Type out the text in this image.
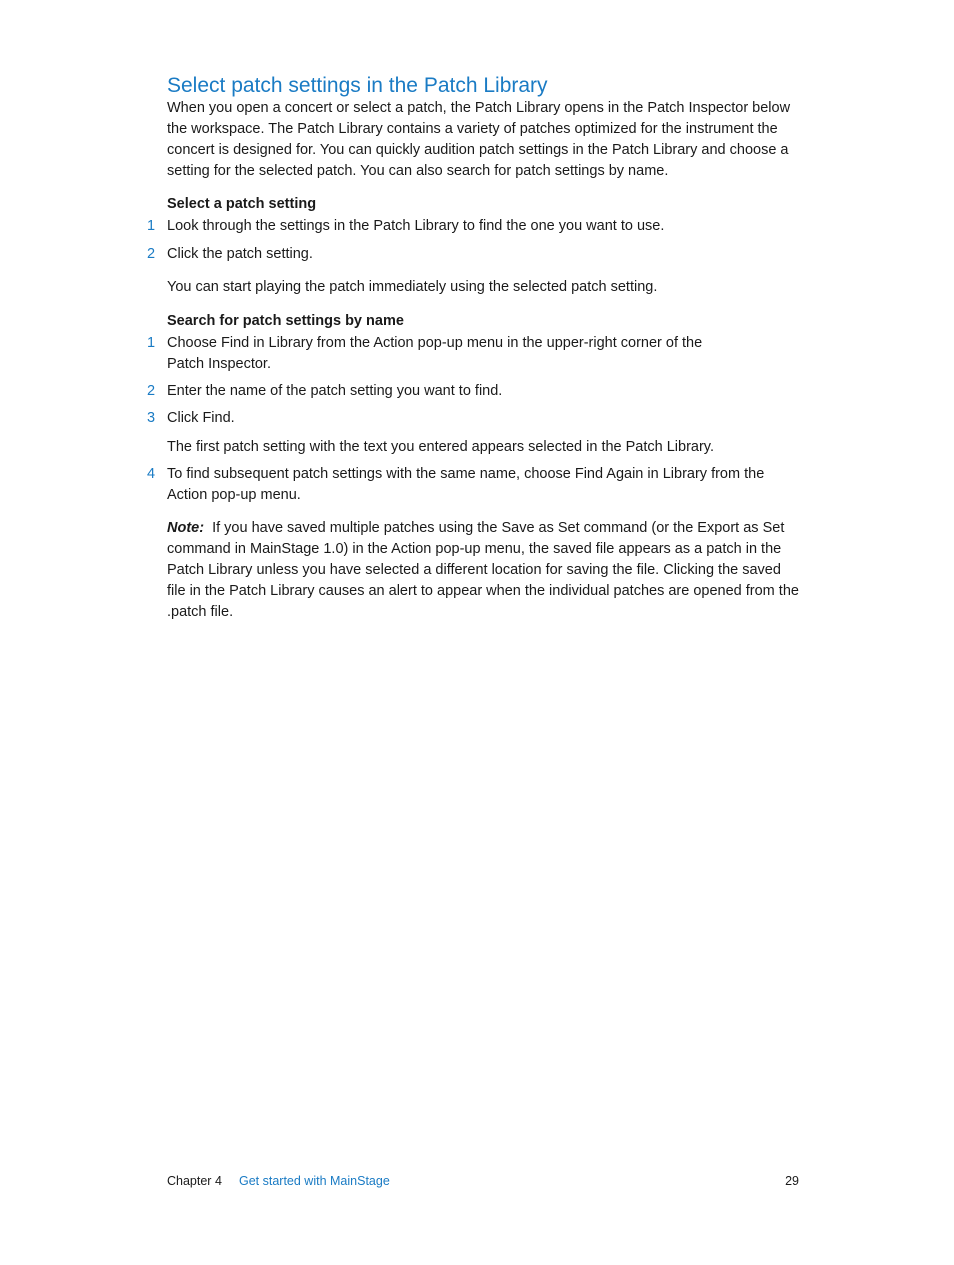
Select patch settings in the Patch Library

When you open a concert or select a patch, the Patch Library opens in the Patch Inspector below the workspace. The Patch Library contains a variety of patches optimized for the instrument the concert is designed for. You can quickly audition patch settings in the Patch Library and choose a setting for the selected patch. You can also search for patch settings by name.

Select a patch setting
1 Look through the settings in the Patch Library to find the one you want to use.
2 Click the patch setting.

You can start playing the patch immediately using the selected patch setting.

Search for patch settings by name
1 Choose Find in Library from the Action pop-up menu in the upper-right corner of the Patch Inspector.
2 Enter the name of the patch setting you want to find.
3 Click Find.

The first patch setting with the text you entered appears selected in the Patch Library.

4 To find subsequent patch settings with the same name, choose Find Again in Library from the Action pop-up menu.

Note: If you have saved multiple patches using the Save as Set command (or the Export as Set command in MainStage 1.0) in the Action pop-up menu, the saved file appears as a patch in the Patch Library unless you have selected a different location for saving the file. Clicking the saved file in the Patch Library causes an alert to appear when the individual patches are opened from the .patch file.

Chapter 4 Get started with MainStage	29
